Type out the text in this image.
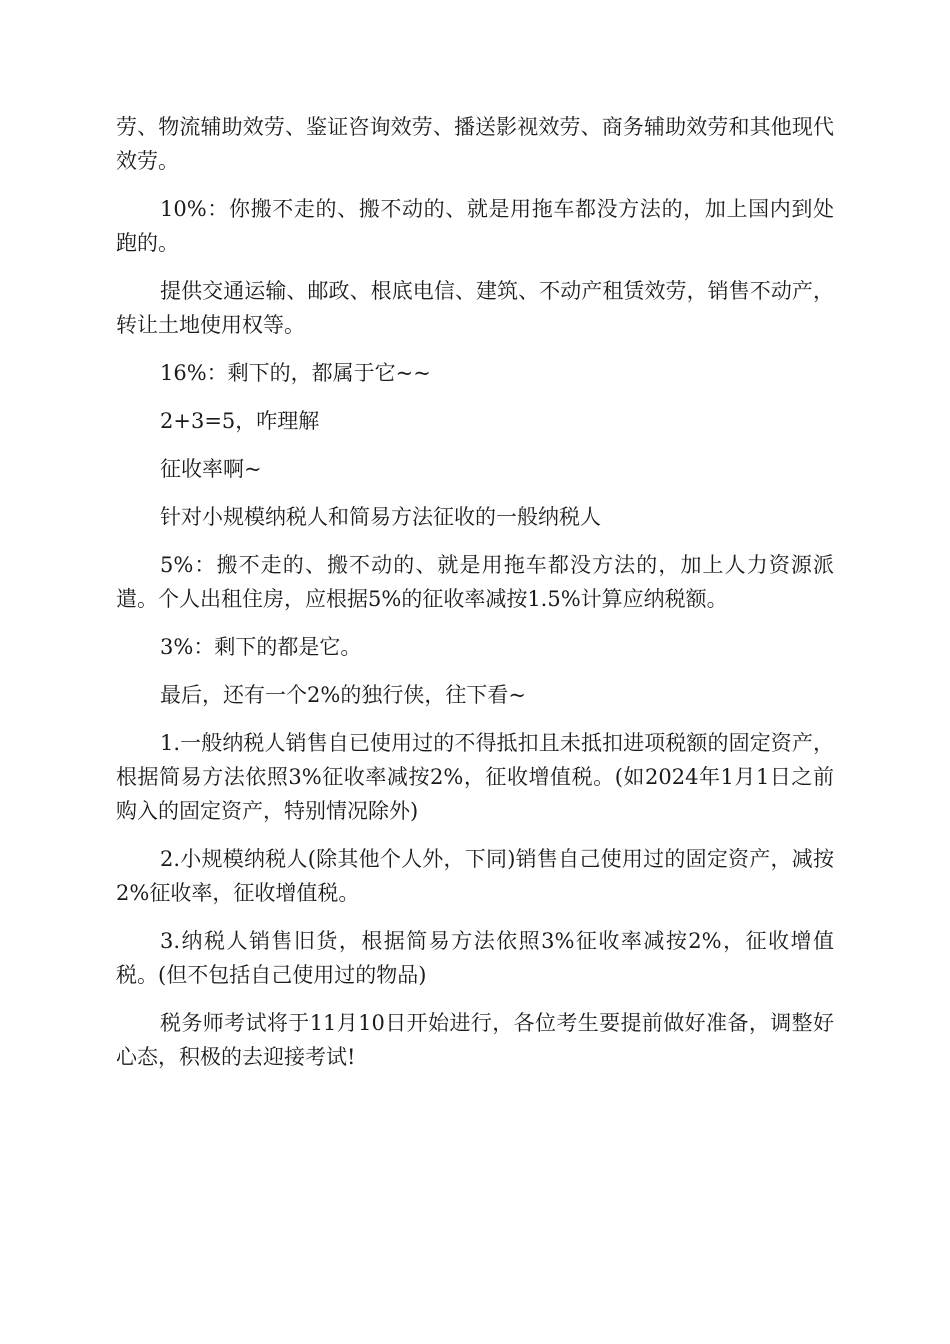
劳、物流辅助效劳、鉴证咨询效劳、播送影视效劳、商务辅助效劳和其他现代效劳。

10%：你搬不走的、搬不动的、就是用拖车都没方法的，加上国内到处跑的。

提供交通运输、邮政、根底电信、建筑、不动产租赁效劳，销售不动产，转让土地使用权等。

16%：剩下的，都属于它~~

2+3=5，咋理解

征收率啊~

针对小规模纳税人和简易方法征收的一般纳税人

5%：搬不走的、搬不动的、就是用拖车都没方法的，加上人力资源派遣。个人出租住房，应根据5%的征收率减按1.5%计算应纳税额。

3%：剩下的都是它。

最后，还有一个2%的独行侠，往下看~

1.一般纳税人销售自已使用过的不得抵扣且未抵扣进项税额的固定资产，根据简易方法依照3%征收率减按2%，征收增值税。(如2024年1月1日之前购入的固定资产，特别情况除外)

2.小规模纳税人(除其他个人外，下同)销售自己使用过的固定资产，减按2%征收率，征收增值税。

3.纳税人销售旧货，根据简易方法依照3%征收率减按2%，征收增值税。(但不包括自己使用过的物品)

税务师考试将于11月10日开始进行，各位考生要提前做好准备，调整好心态，积极的去迎接考试!
